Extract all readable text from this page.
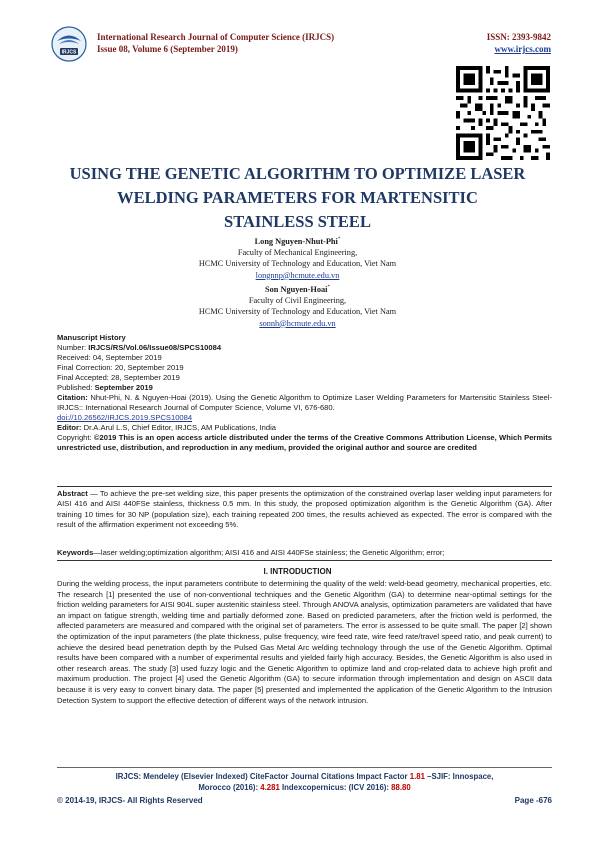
IRJCS
International Research Journal of Computer Science (IRJCS)
Issue 08, Volume 6 (September 2019)
ISSN: 2393-9842
www.irjcs.com
USING THE GENETIC ALGORITHM TO OPTIMIZE LASER
WELDING PARAMETERS FOR MARTENSITIC
STAINLESS STEEL
Long Nguyen-Nhut-Phi*
Faculty of Mechanical Engineering,
HCMC University of Technology and Education, Viet Nam
longnnp@hcmute.edu.vn
Son Nguyen-Hoai*
Faculty of Civil Engineering,
HCMC University of Technology and Education, Viet Nam
sonnh@hcmute.edu.vn
Manuscript History
Number: IRJCS/RS/Vol.06/Issue08/SPCS10084
Received: 04, September 2019
Final Correction: 20, September 2019
Final Accepted: 28, September 2019
Published: September 2019
Citation: Nhut-Phi, N. & Nguyen-Hoai (2019). Using the Genetic Algorithm to Optimize Laser Welding Parameters for Martensitic Stainless Steel-IRJCS:: International Research Journal of Computer Science, Volume VI, 676-680.
doi://10.26562/IRJCS.2019.SPCS10084
Editor: Dr.A.Arul L.S, Chief Editor, IRJCS, AM Publications, India
Copyright: ©2019 This is an open access article distributed under the terms of the Creative Commons Attribution License, Which Permits unrestricted use, distribution, and reproduction in any medium, provided the original author and source are credited
Abstract — To achieve the pre-set welding size, this paper presents the optimization of the constrained overlap laser welding input parameters for AISI 416 and AISI 440FSe stainless, thickness 0.5 mm. In this study, the proposed optimization algorithm is the Genetic Algorithm (GA). After training 10 times for 30 NP (population size), each training repeated 200 times, the results achieved as expected. The error is compared with the result of the affirmation experiment not exceeding 5%.
Keywords—laser welding;optimization algorithm; AISI 416 and AISI 440FSe stainless; the Genetic Algorithm; error;
I. INTRODUCTION
During the welding process, the input parameters contribute to determining the quality of the weld: weld-bead geometry, mechanical properties, etc. The research [1] presented the use of non-conventional techniques and the Genetic Algorithm (GA) to determine near-optimal settings for the friction welding parameters for AISI 904L super austenitic stainless steel. Through ANOVA analysis, optimization parameters are validated that have an impact on fatigue strength, welding time and partially deformed zone. Based on predicted parameters, after the friction weld is performed, the affected parameters are measured and compared with the original set of parameters. The error is assessed to be quite small. The paper [2] shown the optimization of the input parameters (the plate thickness, pulse frequency, wire feed rate, wire feed rate/travel speed ratio, and peak current) to achieve the desired bead penetration depth by the Pulsed Gas Metal Arc welding technology through the use of the Genetic Algorithm. Optimal results have been compared with a number of experimental results and yielded fairly high accuracy. Besides, the Genetic Algorithm is also used in other research areas. The study [3] used fuzzy logic and the Genetic Algorithm to optimize land and crop-related data to achieve high profit and maximum production. The project [4] used the Genetic Algorithm (GA) to secure information through implementation and design on ASCII data because it is very easy to convert binary data. The paper [5] presented and implemented the application of the Genetic Algorithm to the Intrusion Detection System to support the effective detection of different ways of the network intrusion.
IRJCS: Mendeley (Elsevier Indexed) CiteFactor Journal Citations Impact Factor 1.81 –SJIF: Innospace,
Morocco (2016): 4.281 Indexcopernicus: (ICV 2016): 88.80
© 2014-19, IRJCS- All Rights Reserved	Page -676
